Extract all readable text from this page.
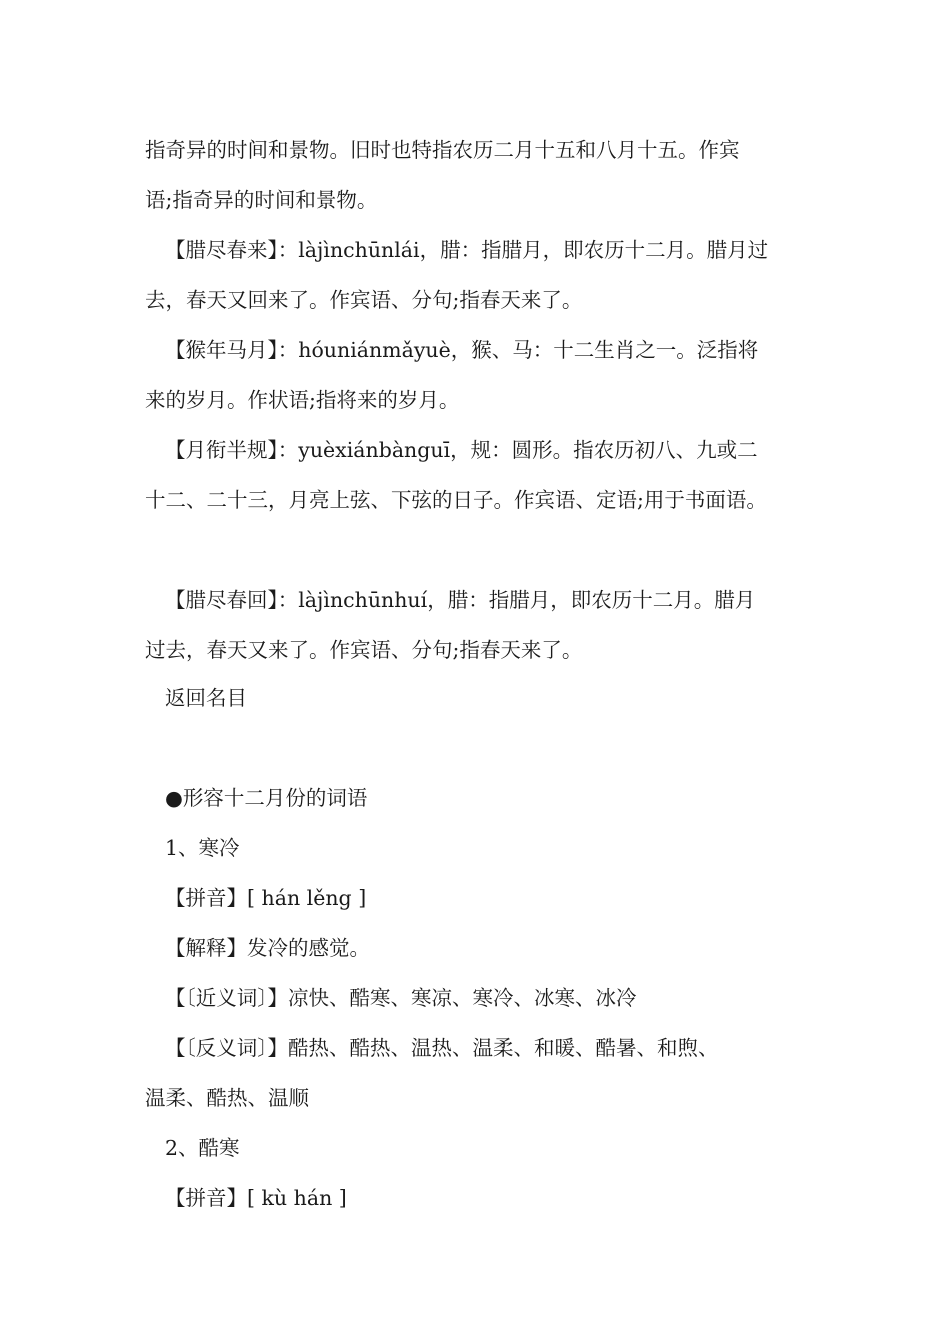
指奇异的时间和景物。旧时也特指农历二月十五和八月十五。作宾
语;指奇异的时间和景物。
【腊尽春来】：làjìnchūnlái，腊：指腊月，即农历十二月。腊月过
去，春天又回来了。作宾语、分句;指春天来了。
【猴年马月】：hóuniánmǎyuè，猴、马：十二生肖之一。泛指将
来的岁月。作状语;指将来的岁月。
【月衔半规】：yuèxiánbànguī，规：圆形。指农历初八、九或二
十二、二十三，月亮上弦、下弦的日子。作宾语、定语;用于书面语。
【腊尽春回】：làjìnchūnhuí，腊：指腊月，即农历十二月。腊月
过去，春天又来了。作宾语、分句;指春天来了。
返回名目
●形容十二月份的词语
1、寒冷
【拼音】[ hán lěng ]
【解释】发冷的感觉。
【〔近义词〕】凉快、酷寒、寒凉、寒冷、冰寒、冰冷
【〔反义词〕】酷热、酷热、温热、温柔、和暖、酷暑、和煦、
温柔、酷热、温顺
2、酷寒
【拼音】[ kù hán ]
